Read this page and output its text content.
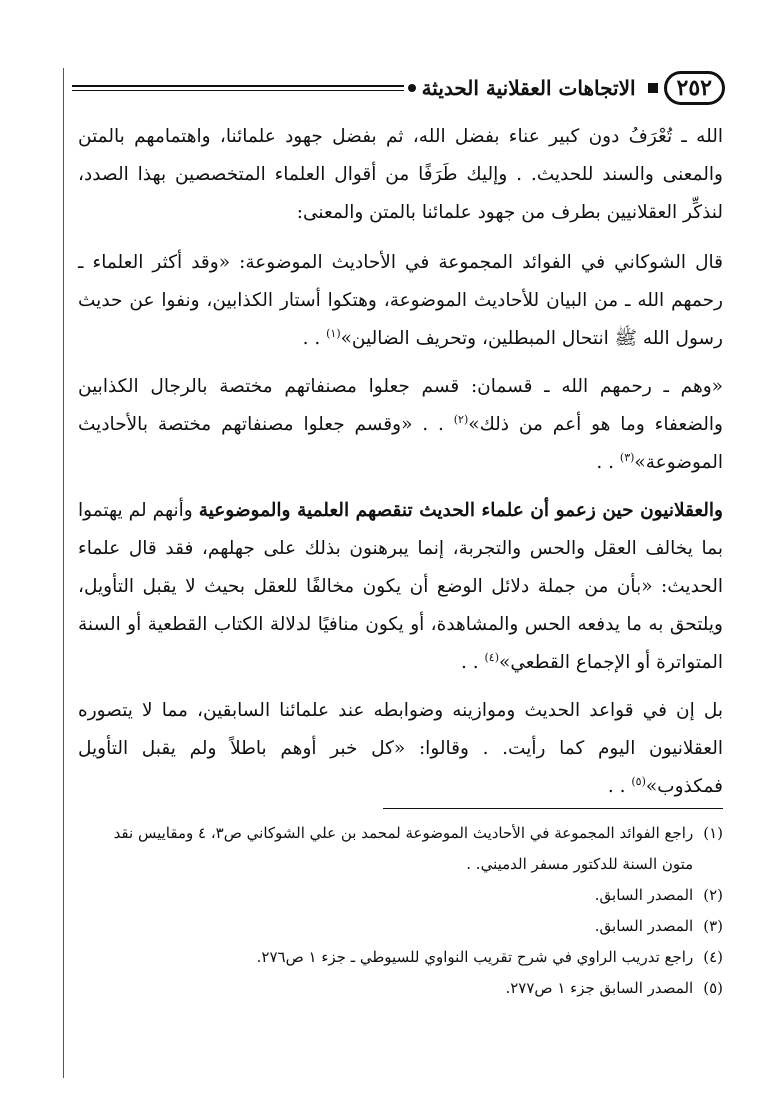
٢٥٢
الاتجاهات العقلانية الحديثة

الله ـ تُعْرَفُ دون كبير عناء بفضل الله، ثم بفضل جهود علمائنا، واهتمامهم بالمتن والمعنى والسند للحديث. . وإليك طَرَفًا من أقوال العلماء المتخصصين بهذا الصدد، لنذكِّر العقلانيين بطرف من جهود علمائنا بالمتن والمعنى:

قال الشوكاني في الفوائد المجموعة في الأحاديث الموضوعة: «وقد أكثر العلماء ـ رحمهم الله ـ من البيان للأحاديث الموضوعة، وهتكوا أستار الكذابين، ونفوا عن حديث رسول الله ﷺ انتحال المبطلين، وتحريف الضالين»$^{(١)}$ . .

«وهم ـ رحمهم الله ـ قسمان: قسم جعلوا مصنفاتهم مختصة بالرجال الكذابين والضعفاء وما هو أعم من ذلك»$^{(٢)}$ . . «وقسم جعلوا مصنفاتهم مختصة بالأحاديث الموضوعة»$^{(٣)}$ . .

والعقلانيون حين زعمو أن علماء الحديث تنقصهم العلمية والموضوعية وأنهم لم يهتموا بما يخالف العقل والحس والتجربة، إنما يبرهنون بذلك على جهلهم، فقد قال علماء الحديث: «بأن من جملة دلائل الوضع أن يكون مخالفًا للعقل بحيث لا يقبل التأويل، ويلتحق به ما يدفعه الحس والمشاهدة، أو يكون منافيًا لدلالة الكتاب القطعية أو السنة المتواترة أو الإجماع القطعي»$^{(٤)}$ . .

بل إن في قواعد الحديث وموازينه وضوابطه عند علمائنا السابقين، مما لا يتصوره العقلانيون اليوم كما رأيت. . وقالوا: «كل خبر أوهم باطلاً ولم يقبل التأويل فمكذوب»$^{(٥)}$ . .

(١)
راجع الفوائد المجموعة في الأحاديث الموضوعة لمحمد بن علي الشوكاني ص٣، ٤ ومقاييس نقد متون السنة للدكتور مسفر الدميني. .
(٢)
المصدر السابق.
(٣)
المصدر السابق.
(٤)
راجع تدريب الراوي في شرح تقريب النواوي للسيوطي ـ جزء ١ ص٢٧٦.
(٥)
المصدر السابق جزء ١ ص٢٧٧.
